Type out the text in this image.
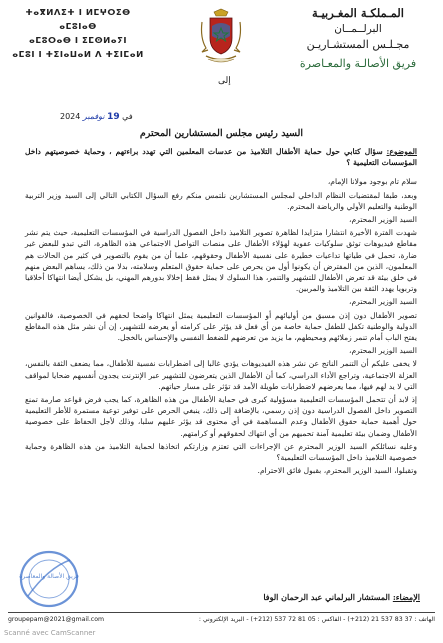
المـملكـة المغـربيـة
البرلــمــان
مجـلـس المستشـاريـن
فريق الأصالـة والمعـاصرة
ⵜⴰⴳⵍⴷⵉⵜ ⵏ ⵍⵎⵖⵔⵉⴱ
ⴰⵎⵓⵏⴰⴱ
ⴰⵎⵓⵔⴰⴱ ⵏ ⵉⵎⵙⵍⴰⵢⵏ
ⴰⵎⵓⵏ ⵏ ⵜⵉⵏⴰⵡⴰⵍ ⴷ ⵜⵉⵏⵎⴰⵍ
إلى
في 19 نوفمبر 2024
السيد رئيس مجلس المستشارين المحترم

الموضوع: سؤال كتابي حول حماية الأطفال التلاميذ من عدسات المعلمين التي تهدد براءتهم ، وحماية خصوصيتهم داخل المؤسسات التعليمية ؟

سلام تام بوجود مولانا الإمام،

وبعد، طبقا لمقتضيات النظام الداخلي لمجلس المستشارين نلتمس منكم رفع السؤال الكتابي التالي إلى السيد وزير التربية الوطنية والتعليم الأولي والرياضة المحترم.

السيد الوزير المحترم،

شهدت الفترة الأخيرة انتشارا متزايدا لظاهرة تصوير التلاميذ داخل الفصول الدراسية في المؤسسات التعليمية، حيث يتم نشر مقاطع فيديوهات توثق سلوكيات عفوية لهؤلاء الأطفال على منصات التواصل الاجتماعي هذه الظاهرة، التي تبدو للبعض غير ضارة، تحمل في طياتها تداعيات خطيرة على نفسية الأطفال وحقوقهم، علما أن من يقوم بالتصوير في كثير من الحالات هم المعلمون، الذين من المفترض أن يكونوا أول من يحرص على حماية حقوق المتعلم وسلامته، بدلا من ذلك، يساهم البعض منهم في خلق بيئة قد تعرض الأطفال للتشهير والتنمر، هذا السلوك لا يمثل فقط إخلالا بدورهم المهني، بل يشكل أيضا انتهاكا أخلاقيا وتربويا يهدد الثقة بين التلاميذ والمربين.

السيد الوزير المحترم،

تصوير الأطفال دون إذن مسبق من أوليائهم أو المؤسسات التعليمية يمثل انتهاكا واضحا لحقهم في الخصوصية، فالقوانين الدولية والوطنية تكفل للطفل حماية خاصة من أي فعل قد يؤثر على كرامته أو يعرضه للتشهير، إن أن نشر مثل هذه المقاطع يفتح الباب أمام تنمر زملائهم ومحيطهم، ما يزيد من تعرضهم للضغط النفسي والإحساس بالخجل.

السيد الوزير المحترم،

لا يخفى عليكم أن التنمر الناتج عن نشر هذه الفيديوهات يؤدي غالبا إلى اضطرابات نفسية للأطفال، مما يضعف الثقة بالنفس، العزلة الاجتماعية، وتراجع الأداء الدراسي، كما أن الأطفال الذين يتعرضون للتشهير عبر الإنترنت يجدون أنفسهم ضحايا لمواقف التي لا يد لهم فيها، مما يعرضهم لاضطرابات طويلة الأمد قد تؤثر على مسار حياتهم.

إذ لابد أن تتحمل المؤسسات التعليمية مسؤولية كبرى في حماية الأطفال من هذه الظاهرة، كما يجب فرض قواعد صارمة تمنع التصوير داخل الفصول الدراسية دون إذن رسمي، بالإضافة إلى ذلك، ينبغي الحرص على توفير توعية مستمرة للأطر التعليمية حول أهمية حماية حقوق الأطفال وعدم المساهمة في أي محتوى قد يؤثر عليهم سلبا، وذلك لأجل الحفاظ على خصوصية الأطفال وضمان بيئة تعليمية آمنة تحميهم من أي انتهاك لحقوقهم أو كرامتهم.

وعليه نسائلكم السيد الوزير المحترم عن الإجراءات التي تعتزم وزارتكم اتخاذها لحماية التلاميذ من هذه الظاهرة وحماية خصوصية التلاميذ داخل المؤسسات التعليمية؟

وتقبلوا، السيد الوزير المحترم، بقبول فائق الاحترام.

فريق الأصالة والمعاصرة
الإمضاء: المستشار البرلماني عبد الرحمان الوفا
groupepam@2021@gmail.com	الهاتف : 37 83 537 21 (212+) - الفاكس : 05 81 72 537 (212+) - البريد الإلكتروني :
Scanné avec CamScanner
